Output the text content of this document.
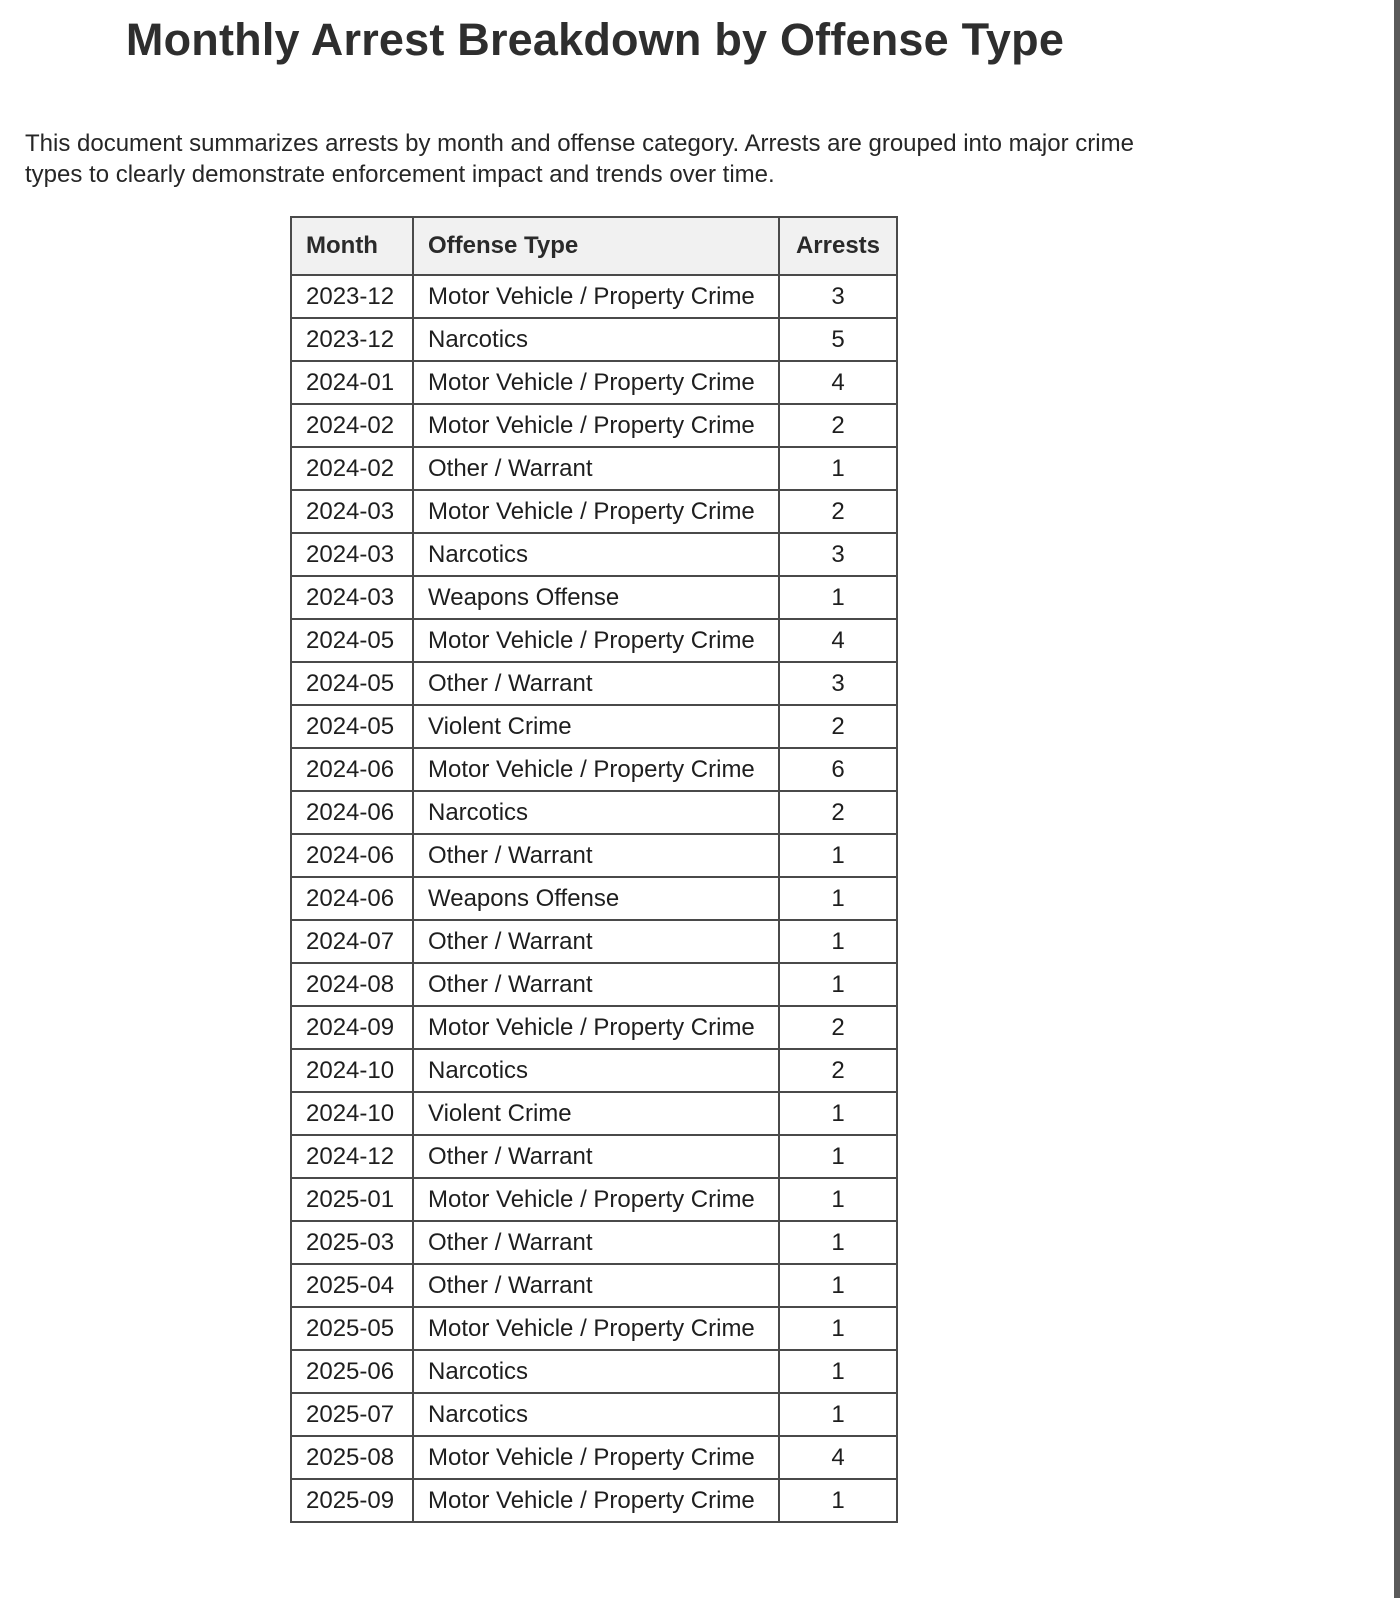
Monthly Arrest Breakdown by Offense Type

This document summarizes arrests by month and offense category. Arrests are grouped into major crime types to clearly demonstrate enforcement impact and trends over time.

Month	Offense Type	Arrests
2023-12	Motor Vehicle / Property Crime	3
2023-12	Narcotics	5
2024-01	Motor Vehicle / Property Crime	4
2024-02	Motor Vehicle / Property Crime	2
2024-02	Other / Warrant	1
2024-03	Motor Vehicle / Property Crime	2
2024-03	Narcotics	3
2024-03	Weapons Offense	1
2024-05	Motor Vehicle / Property Crime	4
2024-05	Other / Warrant	3
2024-05	Violent Crime	2
2024-06	Motor Vehicle / Property Crime	6
2024-06	Narcotics	2
2024-06	Other / Warrant	1
2024-06	Weapons Offense	1
2024-07	Other / Warrant	1
2024-08	Other / Warrant	1
2024-09	Motor Vehicle / Property Crime	2
2024-10	Narcotics	2
2024-10	Violent Crime	1
2024-12	Other / Warrant	1
2025-01	Motor Vehicle / Property Crime	1
2025-03	Other / Warrant	1
2025-04	Other / Warrant	1
2025-05	Motor Vehicle / Property Crime	1
2025-06	Narcotics	1
2025-07	Narcotics	1
2025-08	Motor Vehicle / Property Crime	4
2025-09	Motor Vehicle / Property Crime	1
